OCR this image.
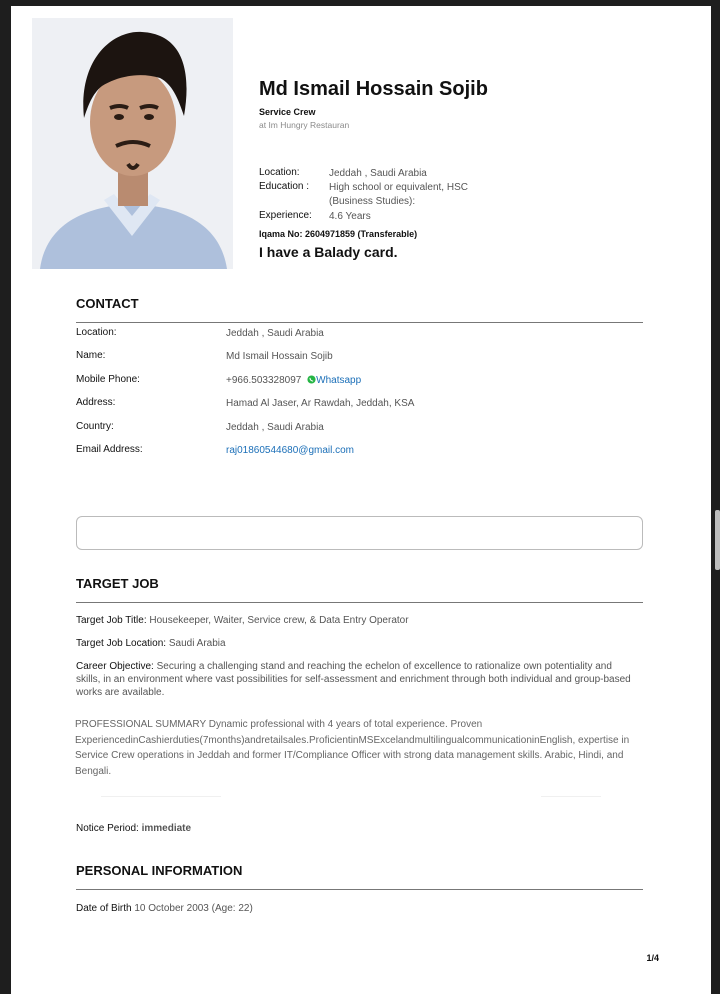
Md Ismail Hossain Sojib
Service Crew
at Im Hungry Restauran
Location:	Jeddah , Saudi Arabia
Education : High school or equivalent, HSC
(Business Studies):
Experience: 4.6 Years
Iqama No: 2604971859 (Transferable)
I have a Balady card.
CONTACT
Location:	Jeddah , Saudi Arabia
Name:	Md Ismail Hossain Sojib
Mobile Phone:	+966.503328097 Whatsapp
Address:	Hamad Al Jaser, Ar Rawdah, Jeddah, KSA
Country:	Jeddah , Saudi Arabia
Email Address:	raj01860544680@gmail.com
TARGET JOB
Target Job Title: Housekeeper, Waiter, Service crew, & Data Entry Operator
Target Job Location: Saudi Arabia
Career Objective: Securing a challenging stand and reaching the echelon of excellence to rationalize own potentiality and skills, in an environment where vast possibilities for self-assessment and enrichment through both individual and group-based works are available.
PROFESSIONAL SUMMARY Dynamic professional with 4 years of total experience. Proven ExperiencedinCashierduties(7months)andretailsales.ProficientinMSExcelandmultilingualcommunicationinEnglish, expertise in Service Crew operations in Jeddah and former IT/Compliance Officer with strong data management skills. Arabic, Hindi, and Bengali.
Notice Period: immediate
PERSONAL INFORMATION
Date of Birth 10 October 2003 (Age: 22)
1/4
